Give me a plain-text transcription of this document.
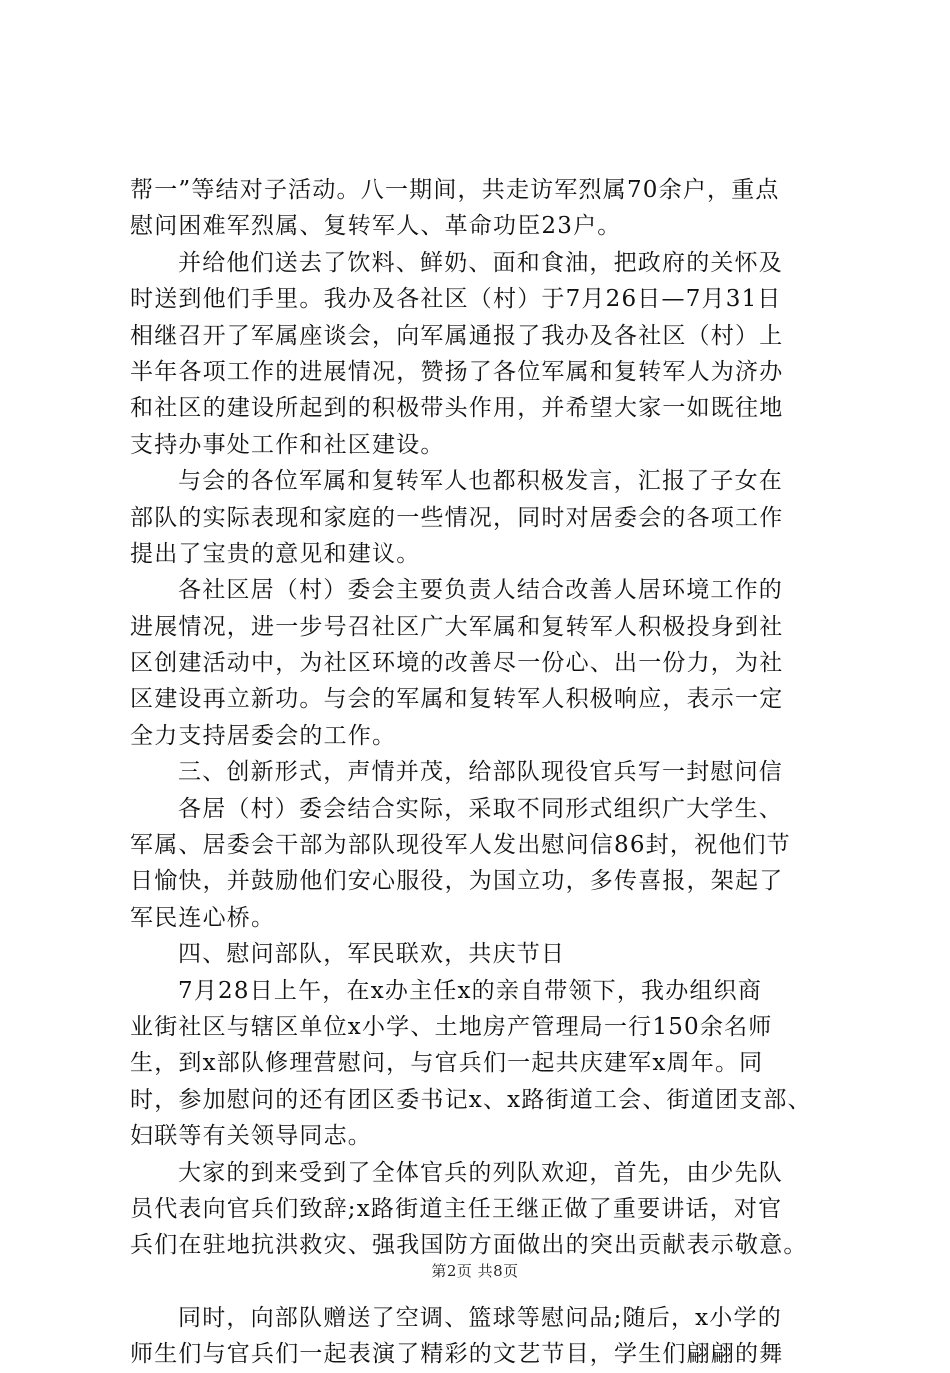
帮一”等结对子活动。八一期间，共走访军烈属70余户，重点
慰问困难军烈属、复转军人、革命功臣23户。
并给他们送去了饮料、鲜奶、面和食油，把政府的关怀及
时送到他们手里。我办及各社区（村）于7月26日—7月31日
相继召开了军属座谈会，向军属通报了我办及各社区（村）上
半年各项工作的进展情况，赞扬了各位军属和复转军人为济办
和社区的建设所起到的积极带头作用，并希望大家一如既往地
支持办事处工作和社区建设。
与会的各位军属和复转军人也都积极发言，汇报了子女在
部队的实际表现和家庭的一些情况，同时对居委会的各项工作
提出了宝贵的意见和建议。
各社区居（村）委会主要负责人结合改善人居环境工作的
进展情况，进一步号召社区广大军属和复转军人积极投身到社
区创建活动中，为社区环境的改善尽一份心、出一份力，为社
区建设再立新功。与会的军属和复转军人积极响应，表示一定
全力支持居委会的工作。
三、创新形式，声情并茂，给部队现役官兵写一封慰问信
各居（村）委会结合实际，采取不同形式组织广大学生、
军属、居委会干部为部队现役军人发出慰问信86封，祝他们节
日愉快，并鼓励他们安心服役，为国立功，多传喜报，架起了
军民连心桥。
四、慰问部队，军民联欢，共庆节日
7月28日上午，在x办主任x的亲自带领下，我办组织商
业街社区与辖区单位x小学、土地房产管理局一行150余名师
生，到x部队修理营慰问，与官兵们一起共庆建军x周年。同
时，参加慰问的还有团区委书记x、x路街道工会、街道团支部、
妇联等有关领导同志。
大家的到来受到了全体官兵的列队欢迎，首先，由少先队
员代表向官兵们致辞;x路街道主任王继正做了重要讲话，对官
兵们在驻地抗洪救灾、强我国防方面做出的突出贡献表示敬意。
同时，向部队赠送了空调、篮球等慰问品;随后，x小学的
师生们与官兵们一起表演了精彩的文艺节目，学生们翩翩的舞
第2页 共8页
